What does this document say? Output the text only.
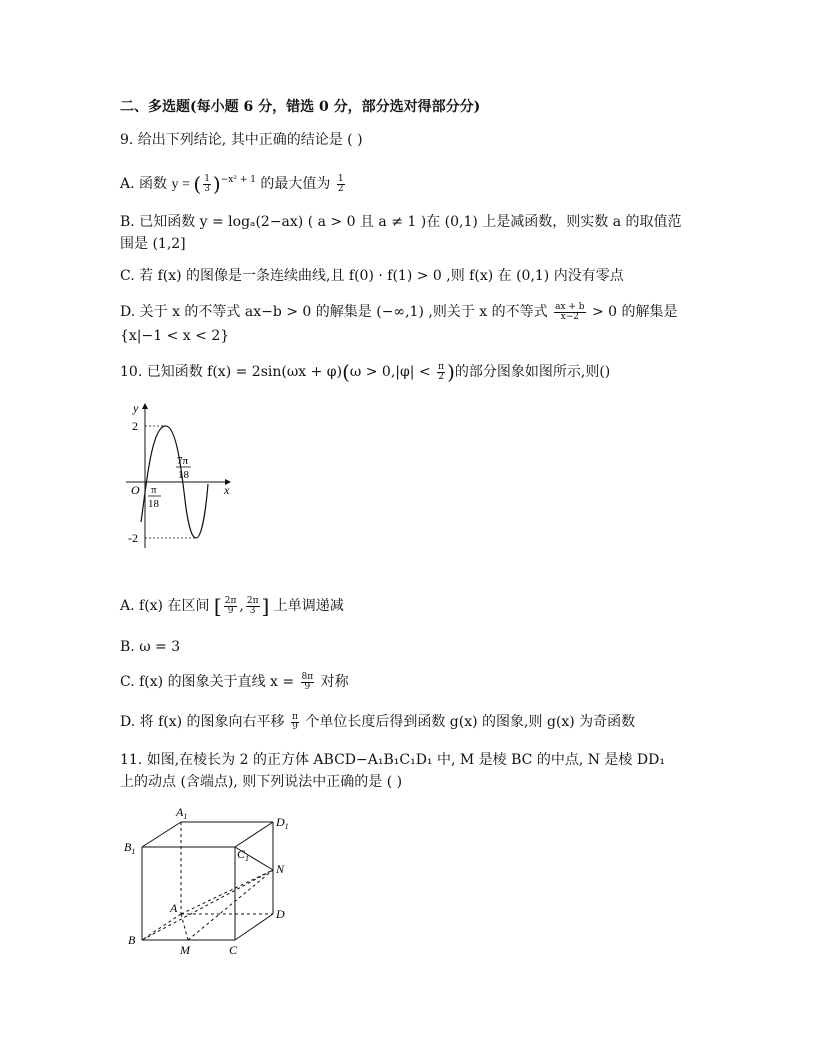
二、多选题(每小题 6 分，错选 0 分，部分选对得部分分)
9. 给出下列结论, 其中正确的结论是 ( )
A. 函数 y = ( $\frac{1}{3} )^{-x^2 + 1}$ 的最大值为 $\frac{1}{2}$
B. 已知函数 y = logₐ(2−ax) ( a > 0 且 a ≠ 1 )在 (0,1) 上是减函数，则实数 a 的取值范
围是 (1,2]
C. 若 f(x) 的图像是一条连续曲线,且 f(0) · f(1) > 0 ,则 f(x) 在 (0,1) 内没有零点
D. 关于 x 的不等式 ax−b > 0 的解集是 (−∞,1) ,则关于 x 的不等式 $\frac{ax + b}{x-2} > 0$ 的解集是
{x|−1 < x < 2}
10. 已知函数 $f(x) = 2\sin(\omega x + \varphi)(\omega > 0,|\varphi| < \frac{\pi}{2}$ )的部分图象如图所示,则()
y
x
O
2
-2
7π
18
π
18
A. f(x) 在区间 [ $\frac{2\pi}{9}$ , $\frac{2\pi}{3}$ ] 上单调递减
B. ω = 3
C. f(x) 的图象关于直线 $x = \frac{8\pi}{9}$ 对称
D. 将 f(x) 的图象向右平移 $\frac{\pi}{9}$ 个单位长度后得到函数 g(x) 的图象,则 g(x) 为奇函数
11. 如图,在棱长为 2 的正方体 ABCD−A₁B₁C₁D₁ 中, M 是棱 BC 的中点, N 是棱 DD₁
上的动点 (含端点), 则下列说法中正确的是 ( )
$A_1$	$D_1$
$B_1$	$C_1$
N
A	D
B
M	C
